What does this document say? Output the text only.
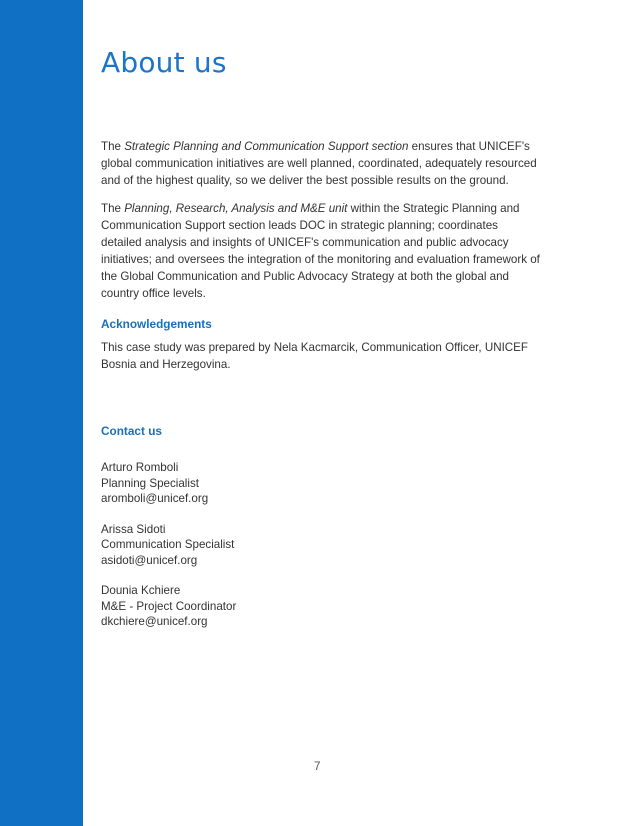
About us

The Strategic Planning and Communication Support section ensures that UNICEF's global communication initiatives are well planned, coordinated, adequately resourced and of the highest quality, so we deliver the best possible results on the ground.

The Planning, Research, Analysis and M&E unit within the Strategic Planning and Communication Support section leads DOC in strategic planning; coordinates detailed analysis and insights of UNICEF's communication and public advocacy initiatives; and oversees the integration of the monitoring and evaluation framework of the Global Communication and Public Advocacy Strategy at both the global and country office levels.

Acknowledgements

This case study was prepared by Nela Kacmarcik, Communication Officer, UNICEF Bosnia and Herzegovina.

Contact us
Arturo Romboli
Planning Specialist
aromboli@unicef.org
Arissa Sidoti
Communication Specialist
asidoti@unicef.org
Dounia Kchiere
M&E - Project Coordinator
dkchiere@unicef.org
7
